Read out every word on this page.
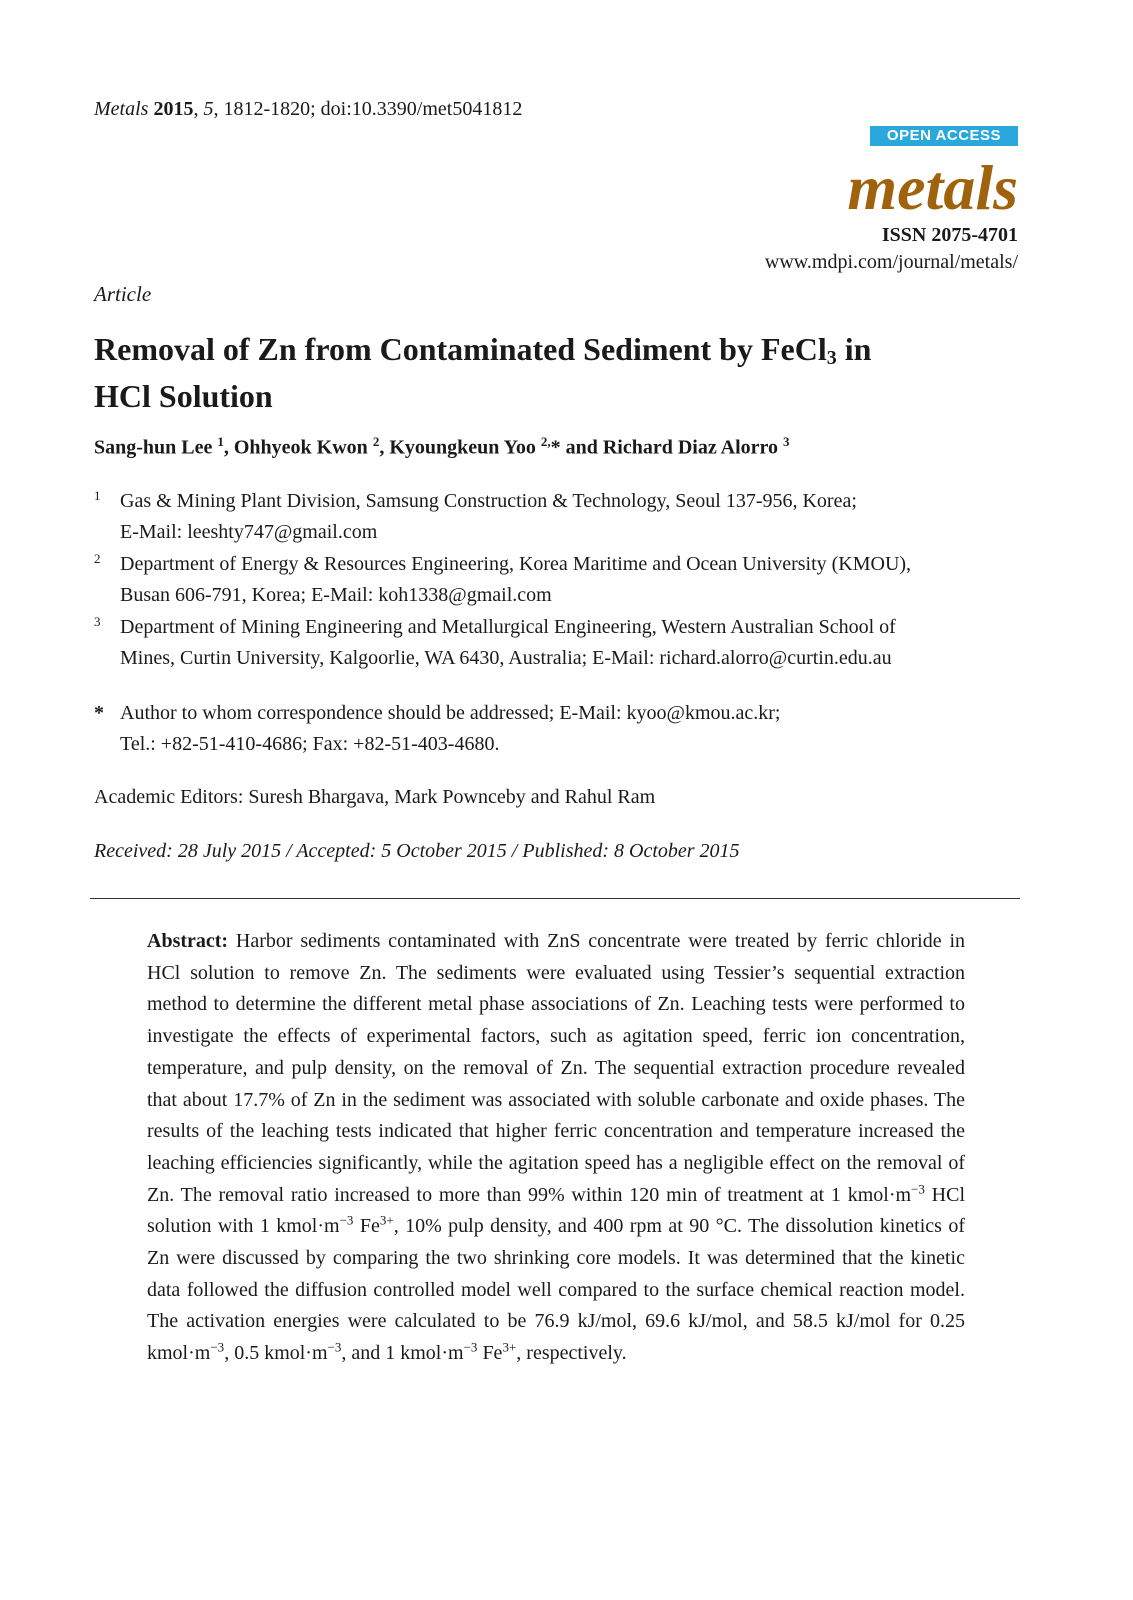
Metals 2015, 5, 1812-1820; doi:10.3390/met5041812
OPEN ACCESS
metals
ISSN 2075-4701
www.mdpi.com/journal/metals/
Article
Removal of Zn from Contaminated Sediment by FeCl$_3$ in
HCl Solution
Sang-hun Lee $^1$, Ohhyeok Kwon $^2$, Kyoungkeun Yoo $^{2,}$* and Richard Diaz Alorro $^3$
1 Gas & Mining Plant Division, Samsung Construction & Technology, Seoul 137-956, Korea;
E-Mail: leeshty747@gmail.com
2 Department of Energy & Resources Engineering, Korea Maritime and Ocean University (KMOU),
Busan 606-791, Korea; E-Mail: koh1338@gmail.com
3 Department of Mining Engineering and Metallurgical Engineering, Western Australian School of
Mines, Curtin University, Kalgoorlie, WA 6430, Australia; E-Mail: richard.alorro@curtin.edu.au
* Author to whom correspondence should be addressed; E-Mail: kyoo@kmou.ac.kr;
Tel.: +82-51-410-4686; Fax: +82-51-403-4680.
Academic Editors: Suresh Bhargava, Mark Pownceby and Rahul Ram
Received: 28 July 2015 / Accepted: 5 October 2015 / Published: 8 October 2015
Abstract: Harbor sediments contaminated with ZnS concentrate were treated by ferric chloride in HCl solution to remove Zn. The sediments were evaluated using Tessier’s sequential extraction method to determine the different metal phase associations of Zn. Leaching tests were performed to investigate the effects of experimental factors, such as agitation speed, ferric ion concentration, temperature, and pulp density, on the removal of Zn. The sequential extraction procedure revealed that about 17.7% of Zn in the sediment was associated with soluble carbonate and oxide phases. The results of the leaching tests indicated that higher ferric concentration and temperature increased the leaching efficiencies significantly, while the agitation speed has a negligible effect on the removal of Zn. The removal ratio increased to more than 99% within 120 min of treatment at 1 $kmol\cdot m^{-3}$ HCl solution with 1 $kmol\cdot m^{-3}$ $Fe^{3+}$, 10% pulp density, and 400 rpm at 90 °C. The dissolution kinetics of Zn were discussed by comparing the two shrinking core models. It was determined that the kinetic data followed the diffusion controlled model well compared to the surface chemical reaction model. The activation energies were calculated to be 76.9 kJ/mol, 69.6 kJ/mol, and 58.5 kJ/mol for 0.25 $kmol\cdot m^{-3}$, 0.5 $kmol\cdot m^{-3}$, and 1 $kmol\cdot m^{-3}$ $Fe^{3+}$, respectively.
